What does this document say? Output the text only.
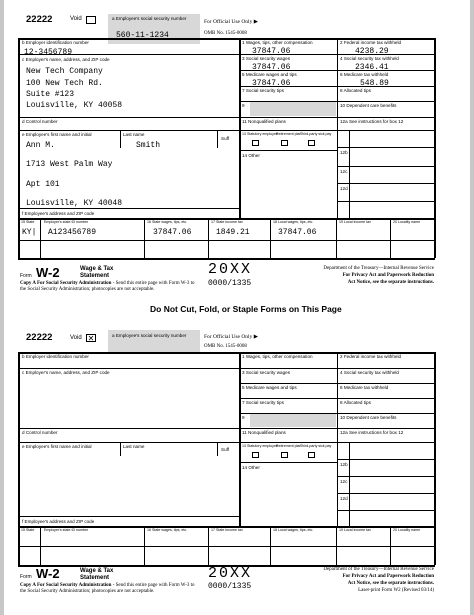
22222	Void	a Employee's social security number
560-11-1234
For Official Use Only ▶
OMB No. 1545-0008
b Employer identification number
12-3456789
c Employer's name, address, and ZIP code
New Tech Company
100 New Tech Rd.
Suite #123
Louisville, KY 40058
d Control number
e Employee's first name and initial	Last name
Suff
Ann M.	Smith
1713 West Palm Way
Apt 101
Louisville, KY 40048
f Employee's address and ZIP code
1 Wages, tips, other compensation
37847.06
2 Federal income tax withheld
4238.29
3 Social security wages
37847.06
4 Social security tax withheld
2346.41
5 Medicare wages and tips
37847.06
6 Medicare tax withheld
548.89
7 Social security tips	8 Allocated tips
9	10 Dependent care benefits
11 Nonqualified plans	12a See instructions for box 12
13 Statutory employee
Retirement plan
Third-party sick pay
14 Other
12b
12c
12d
15 State	Employer's state ID number	16 State wages, tips, etc.	17 State income tax	18 Local wages, tips, etc.	19 Local income tax	20 Locality name
KY| A123456789	37847.06	1849.21	37847.06
Form W-2	Wage & Tax
Statement	20XX
0000/1335
Copy A For Social Security Administration - Send this entire page with Form W-3 to the Social Security Administration; photocopies are not acceptable.
Department of the Treasury—Internal Revenue Service
For Privacy Act and Paperwork Reduction
Act Notice, see the separate instructions.
Do Not Cut, Fold, or Staple Forms on This Page
22222	Void ✕	a Employee's social security number	For Official Use Only ▶
OMB No. 1545-0008
b Employer identification number
c Employer's name, address, and ZIP code
d Control number
e Employee's first name and initial	Last name
Suff
f Employee's address and ZIP code
1 Wages, tips, other compensation	2 Federal income tax withheld
3 Social security wages	4 Social security tax withheld
5 Medicare wages and tips	6 Medicare tax withheld
7 Social security tips	8 Allocated tips
9	10 Dependent care benefits
11 Nonqualified plans	12a See instructions for box 12
13 Statutory employee
Retirement plan
Third-party sick pay
14 Other
12b
12c
12d
15 State	Employer's state ID number	16 State wages, tips, etc.	17 State income tax	18 Local wages, tips, etc.	19 Local income tax	20 Locality name
Form W-2	Wage & Tax
Statement	20XX
0000/1335
Copy A For Social Security Administration - Send this entire page with Form W-3 to the Social Security Administration; photocopies are not acceptable.
Department of the Treasury—Internal Revenue Service
For Privacy Act and Paperwork Reduction
Act Notice, see the separate instructions.
Laser-print Form W2 (Revised 03/14)
